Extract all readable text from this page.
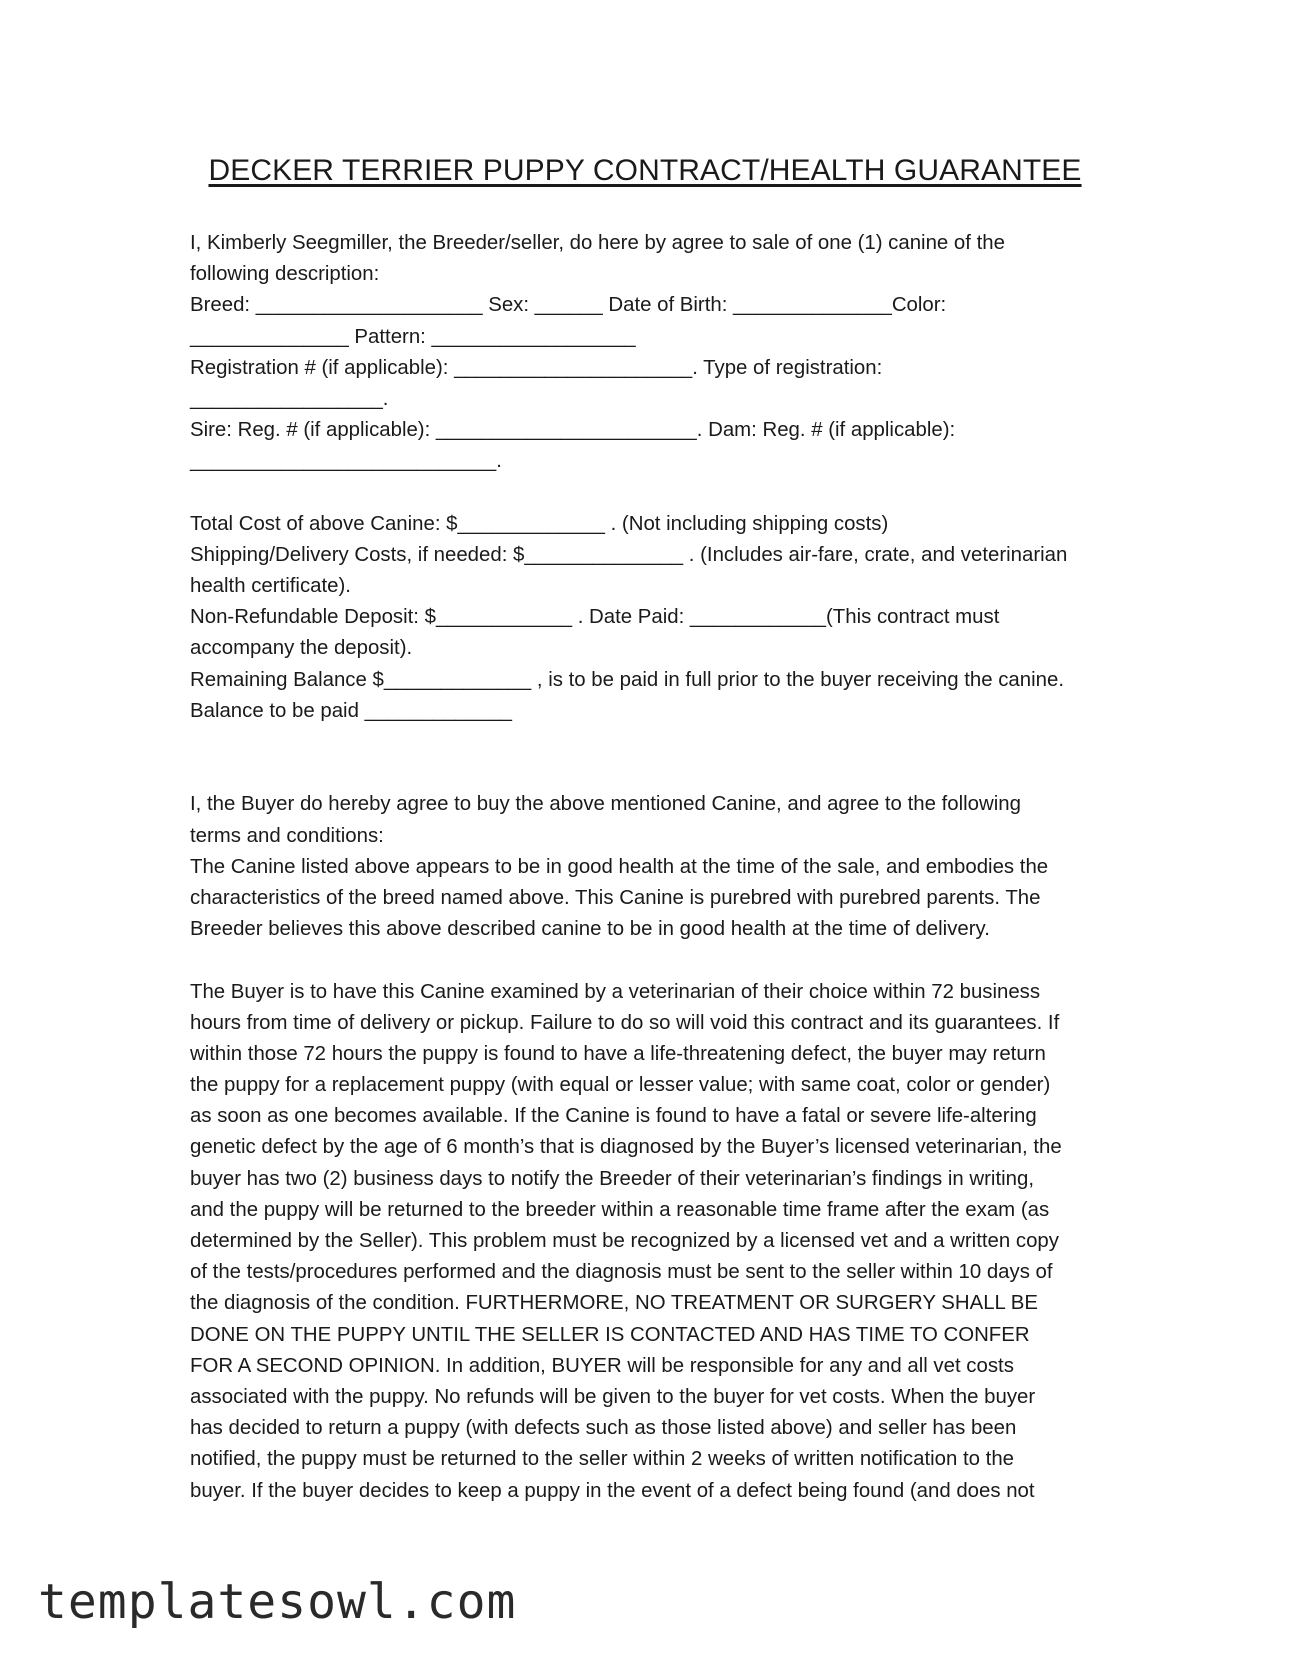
DECKER TERRIER PUPPY CONTRACT/HEALTH GUARANTEE
I, Kimberly Seegmiller, the Breeder/seller, do here by agree to sale of one (1) canine of the
following description:
Breed: ____________________ Sex: ______ Date of Birth: ______________Color:
______________ Pattern: __________________
Registration # (if applicable): _____________________. Type of registration:
_________________.
Sire: Reg. # (if applicable): _______________________. Dam: Reg. # (if applicable):
___________________________.
Total Cost of above Canine: $_____________ . (Not including shipping costs)
Shipping/Delivery Costs, if needed: $______________ . (Includes air-fare, crate, and veterinarian
health certificate).
Non-Refundable Deposit: $____________ . Date Paid: ____________(This contract must
accompany the deposit).
Remaining Balance $_____________ , is to be paid in full prior to the buyer receiving the canine.
Balance to be paid _____________
I, the Buyer do hereby agree to buy the above mentioned Canine, and agree to the following
terms and conditions:
The Canine listed above appears to be in good health at the time of the sale, and embodies the
characteristics of the breed named above. This Canine is purebred with purebred parents. The
Breeder believes this above described canine to be in good health at the time of delivery.
The Buyer is to have this Canine examined by a veterinarian of their choice within 72 business
hours from time of delivery or pickup. Failure to do so will void this contract and its guarantees. If
within those 72 hours the puppy is found to have a life-threatening defect, the buyer may return
the puppy for a replacement puppy (with equal or lesser value; with same coat, color or gender)
as soon as one becomes available. If the Canine is found to have a fatal or severe life-altering
genetic defect by the age of 6 month’s that is diagnosed by the Buyer’s licensed veterinarian, the
buyer has two (2) business days to notify the Breeder of their veterinarian’s findings in writing,
and the puppy will be returned to the breeder within a reasonable time frame after the exam (as
determined by the Seller). This problem must be recognized by a licensed vet and a written copy
of the tests/procedures performed and the diagnosis must be sent to the seller within 10 days of
the diagnosis of the condition. FURTHERMORE, NO TREATMENT OR SURGERY SHALL BE
DONE ON THE PUPPY UNTIL THE SELLER IS CONTACTED AND HAS TIME TO CONFER
FOR A SECOND OPINION. In addition, BUYER will be responsible for any and all vet costs
associated with the puppy. No refunds will be given to the buyer for vet costs. When the buyer
has decided to return a puppy (with defects such as those listed above) and seller has been
notified, the puppy must be returned to the seller within 2 weeks of written notification to the
buyer. If the buyer decides to keep a puppy in the event of a defect being found (and does not
templatesowl.com
